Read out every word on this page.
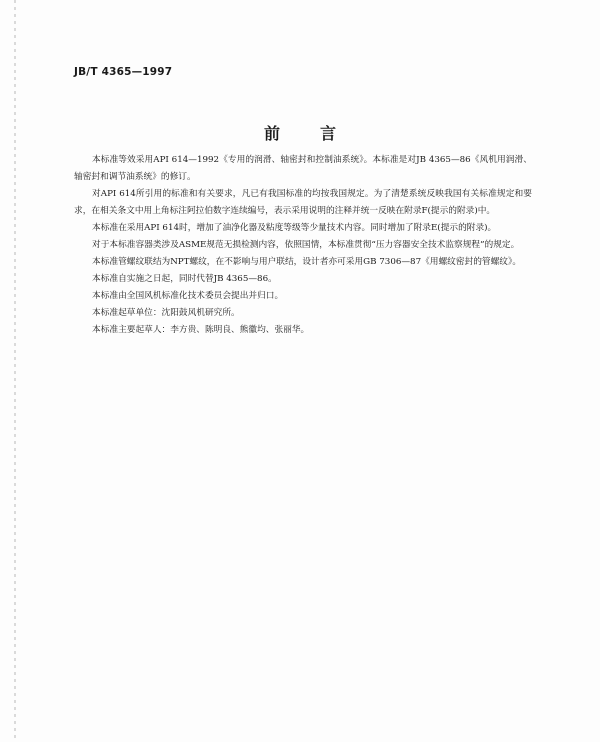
JB/T 4365—1997
前言

本标准等效采用API 614—1992《专用的润滑、轴密封和控制油系统》。本标准是对JB 4365—86《风机用润滑、轴密封和调节油系统》的修订。

对API 614所引用的标准和有关要求，凡已有我国标准的均按我国规定。为了清楚系统反映我国有关标准规定和要求，在相关条文中用上角标注阿拉伯数字连续编号，表示采用说明的注释并统一反映在附录F(提示的附录)中。

本标准在采用API 614时，增加了油净化器及粘度等级等少量技术内容。同时增加了附录E(提示的附录)。

对于本标准容器类涉及ASME规范无损检测内容，依照国情，本标准贯彻“压力容器安全技术监察规程”的规定。

本标准管螺纹联结为NPT螺纹，在不影响与用户联结，设计者亦可采用GB 7306—87《用螺纹密封的管螺纹》。

本标准自实施之日起，同时代替JB 4365—86。

本标准由全国风机标准化技术委员会提出并归口。

本标准起草单位：沈阳鼓风机研究所。

本标准主要起草人：李方贵、陈明良、熊徽均、张丽华。
